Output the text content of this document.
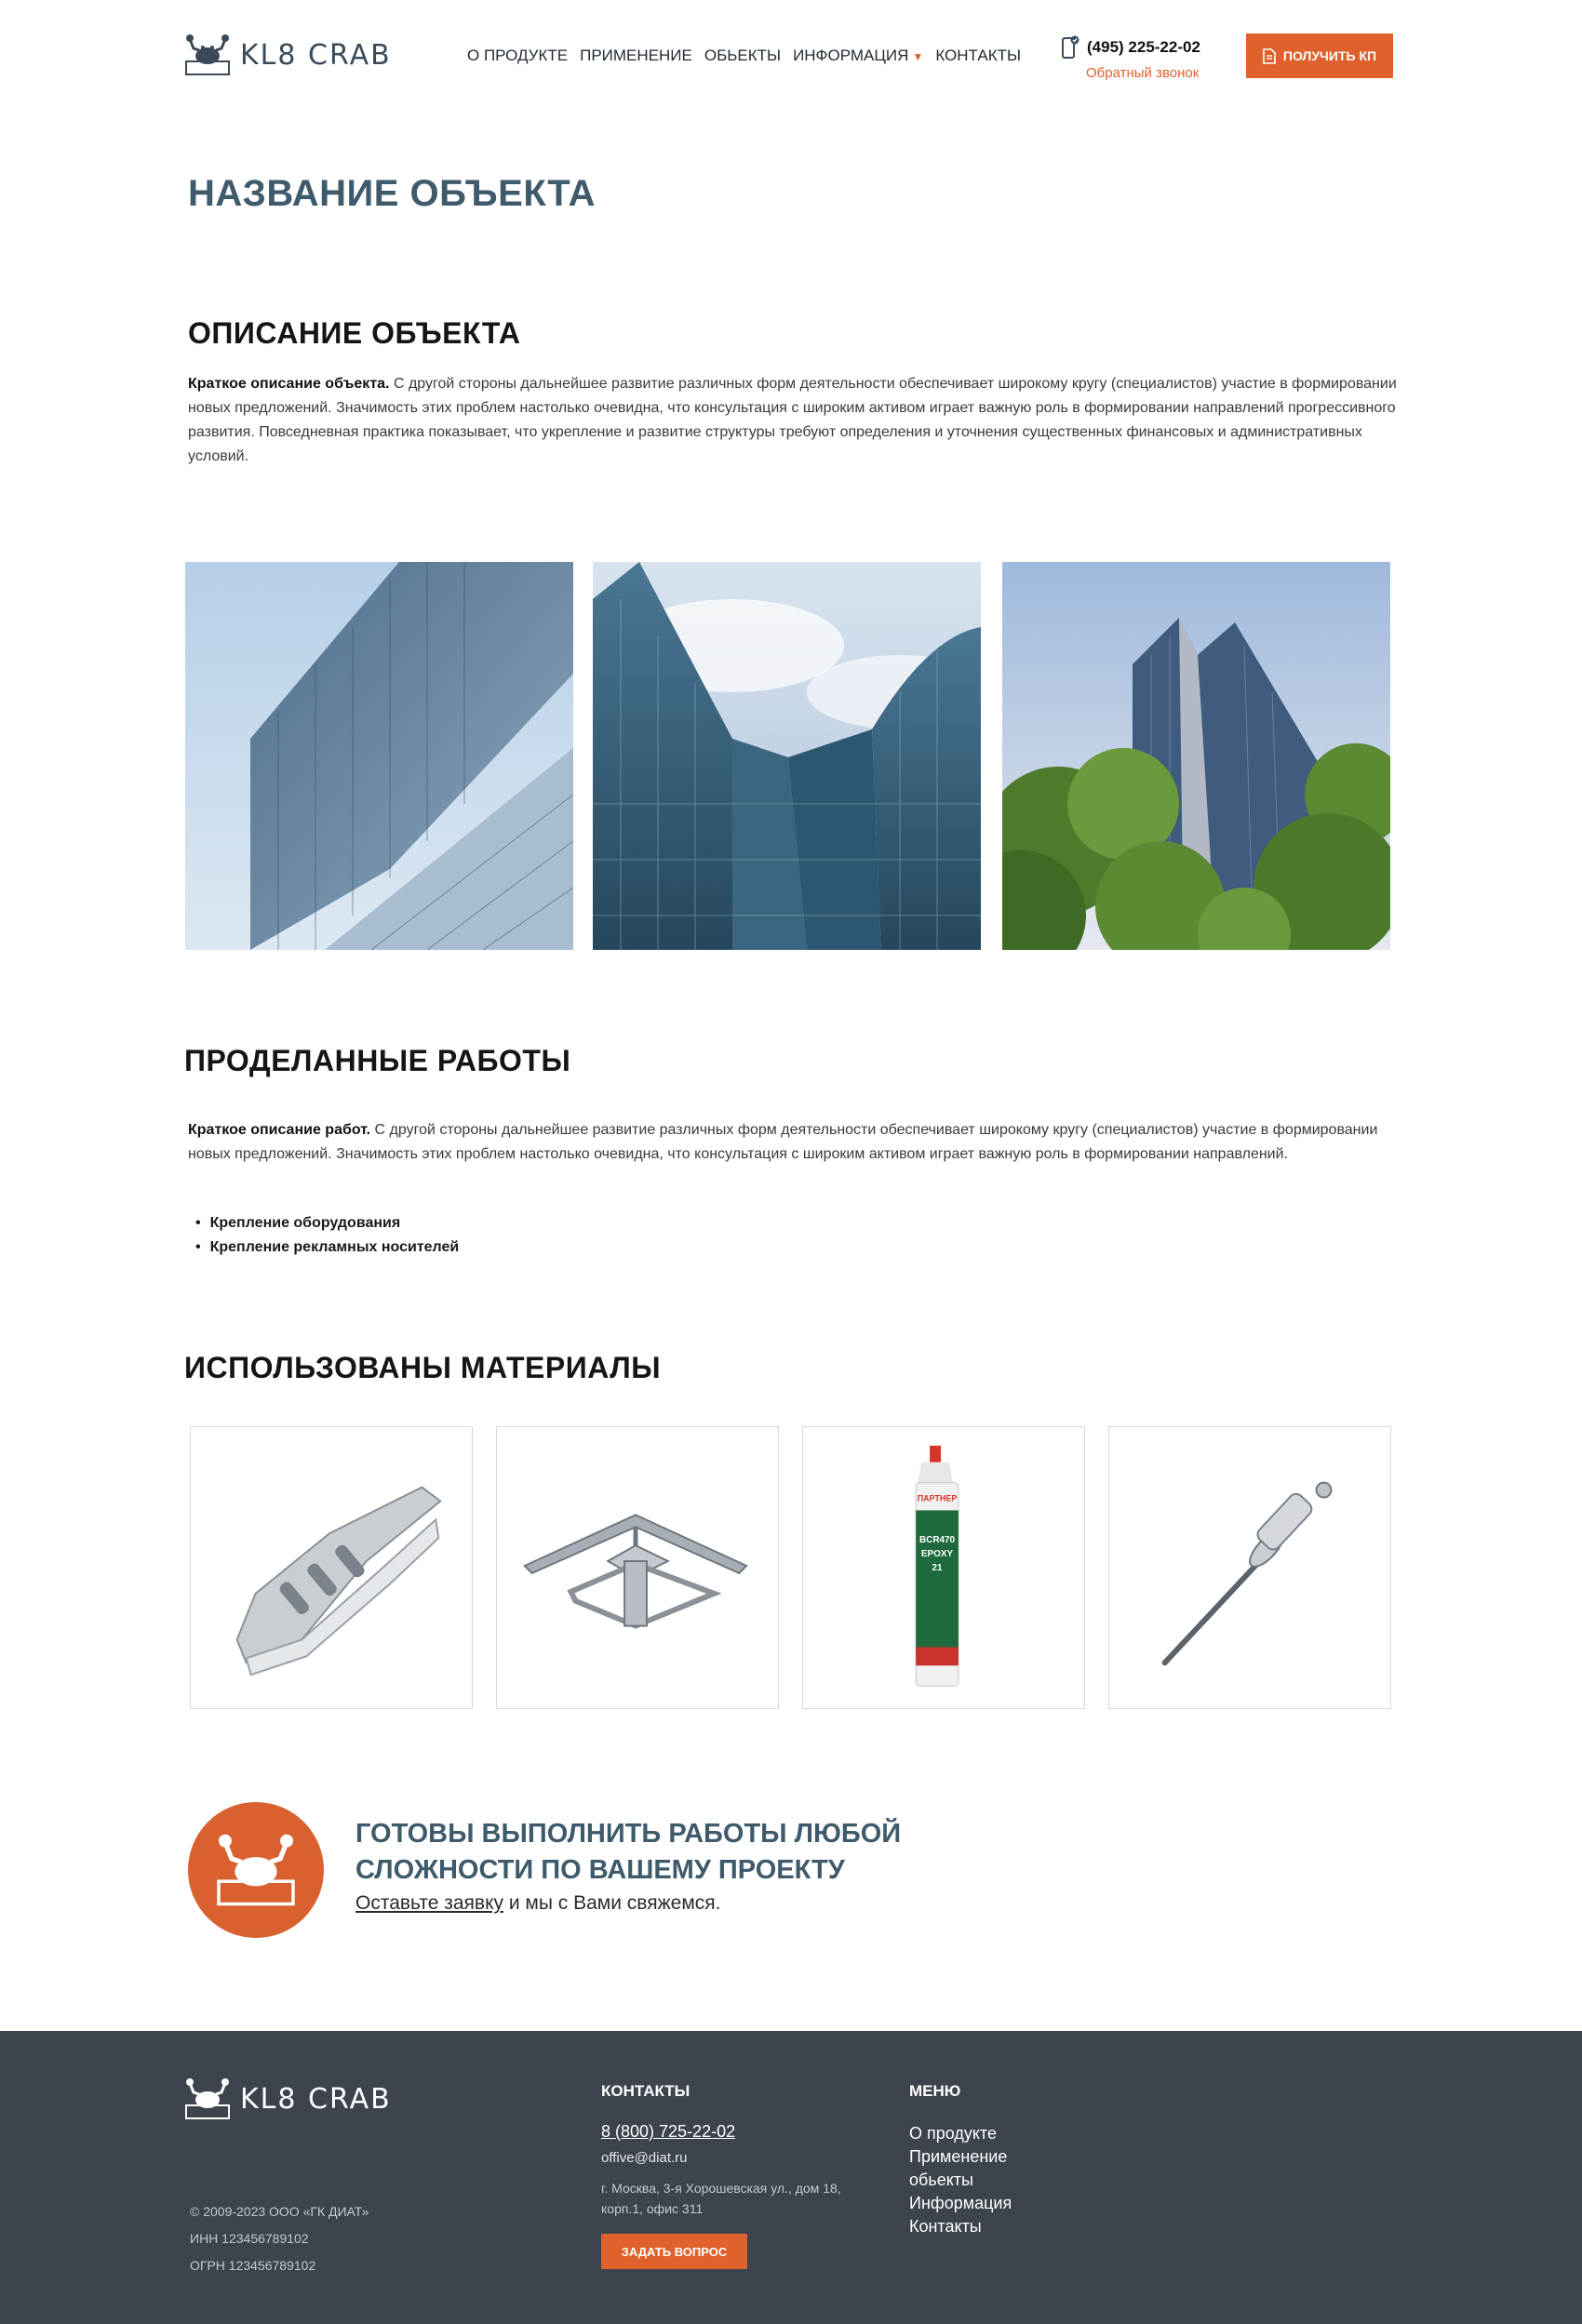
KL8 CRAB	О ПРОДУКТЕ ПРИМЕНЕНИЕ ОБЬЕКТЫ ИНФОРМАЦИЯ ▼ КОНТАКТЫ	(495) 225-22-02
Обратный звонок
ПОЛУЧИТЬ КП
НАЗВАНИЕ ОБЪЕКТА
ОПИСАНИЕ ОБЪЕКТА

Краткое описание объекта. С другой стороны дальнейшее развитие различных форм деятельности обеспечивает широкому кругу (специалистов) участие в формировании новых предложений. Значимость этих проблем настолько очевидна, что консультация с широким активом играет важную роль в формировании направлений прогрессивного развития. Повседневная практика показывает, что укрепление и развитие структуры требуют определения и уточнения существенных финансовых и административных условий.

ПРОДЕЛАННЫЕ РАБОТЫ

Краткое описание работ. С другой стороны дальнейшее развитие различных форм деятельности обеспечивает широкому кругу (специалистов) участие в формировании новых предложений. Значимость этих проблем настолько очевидна, что консультация с широким активом играет важную роль в формировании направлений.

• Крепление оборудования
• Крепление рекламных носителей
ИСПОЛЬЗОВАНЫ МАТЕРИАЛЫ
ПАРТНЕР
BCR470
EPOXY
21
ГОТОВЫ ВЫПОЛНИТЬ РАБОТЫ ЛЮБОЙ СЛОЖНОСТИ ПО ВАШЕМУ ПРОЕКТУ
Оставьте заявку и мы с Вами свяжемся.
KL8 CRAB
© 2009-2023 ООО «ГК ДИАТ»
ИНН 123456789102
ОГРН 123456789102
КОНТАКТЫ
8 (800) 725-22-02
offive@diat.ru
г. Москва, 3-я Хорошевская ул., дом 18, корп.1, офис 311
ЗАДАТЬ ВОПРОС
МЕНЮ
О продукте
Применение
обьекты
Информация
Контакты
